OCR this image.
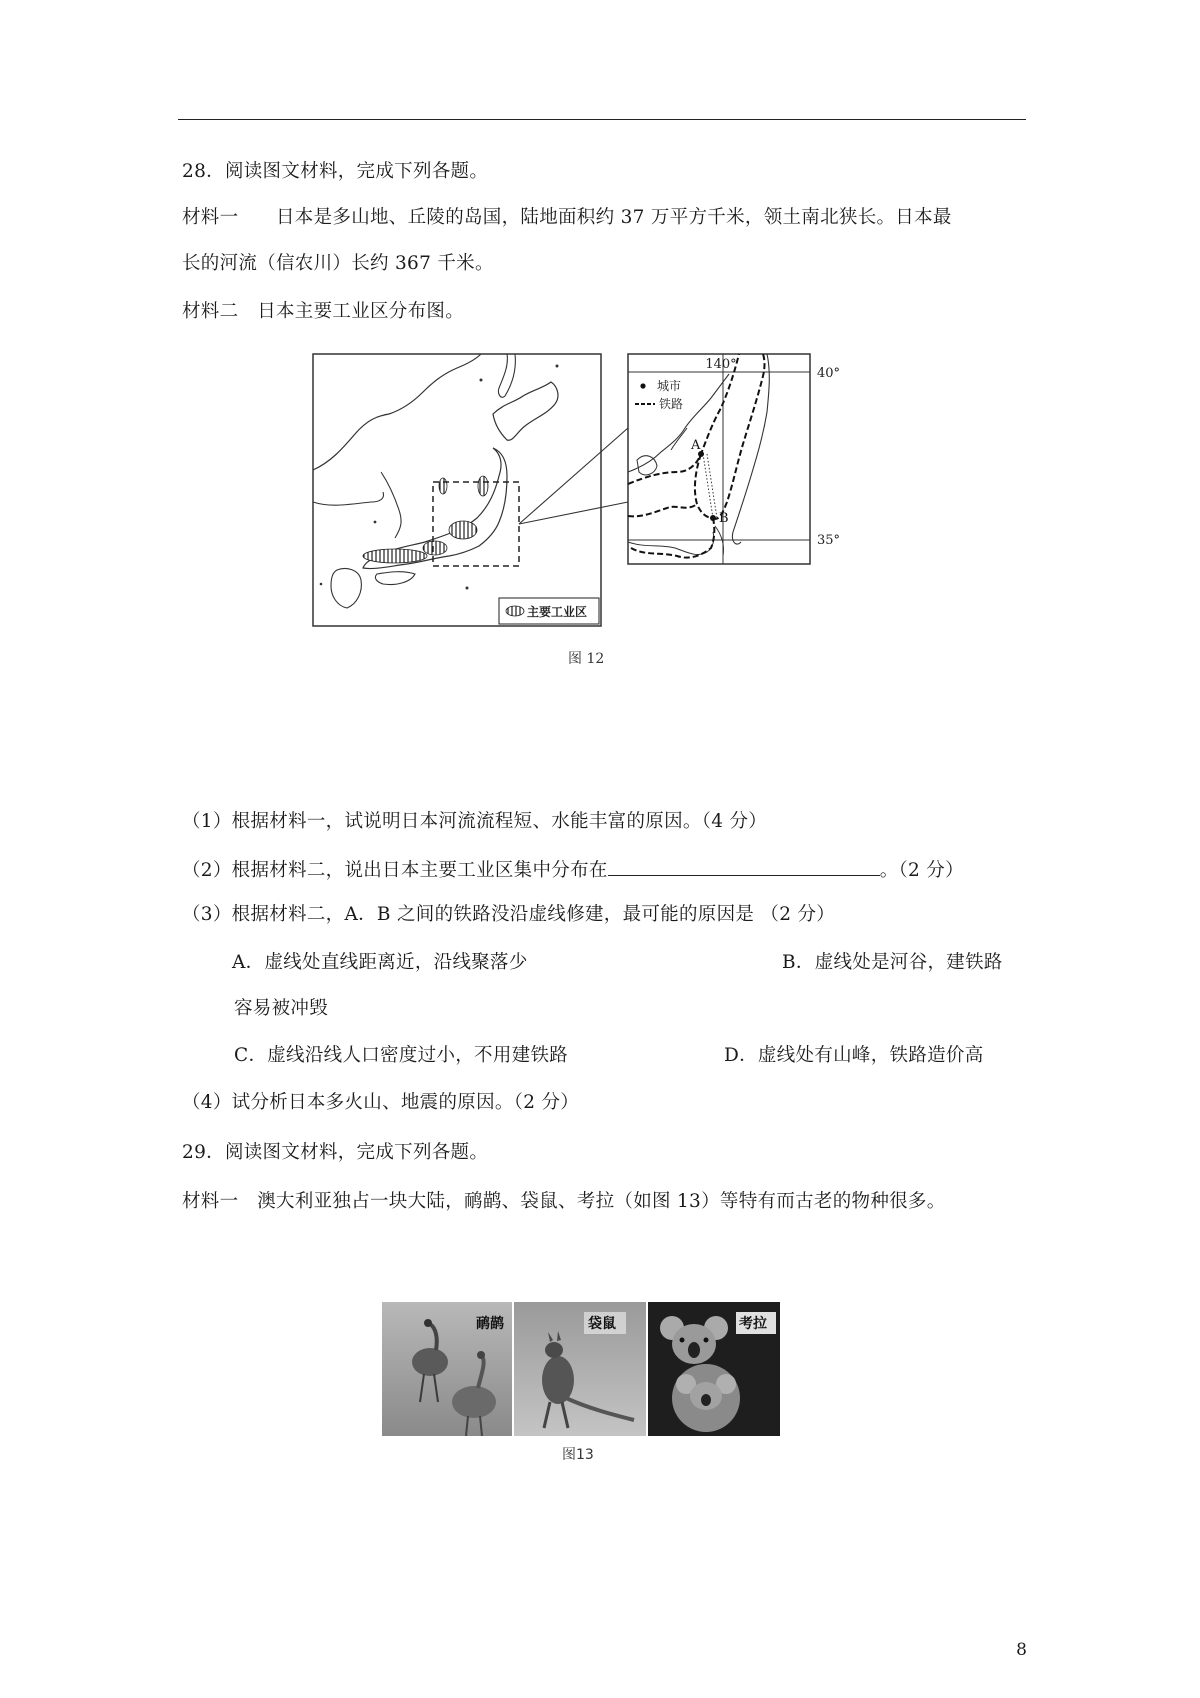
28．阅读图文材料，完成下列各题。
材料一　　日本是多山地、丘陵的岛国，陆地面积约 37 万平方千米，领土南北狭长。日本最
长的河流（信农川）长约 367 千米。
材料二　日本主要工业区分布图。
主要工业区
140°
40°
35°
城市
铁路
A
B
图 12
（1）根据材料一，试说明日本河流流程短、水能丰富的原因。（4 分）
（2）根据材料二，说出日本主要工业区集中分布在	。（2 分）
（3）根据材料二，A．B 之间的铁路没沿虚线修建，最可能的原因是 （2 分）
A．虚线处直线距离近，沿线聚落少	B．虚线处是河谷，建铁路
容易被冲毁
C．虚线沿线人口密度过小，不用建铁路	D．虚线处有山峰，铁路造价高
（4）试分析日本多火山、地震的原因。（2 分）
29．阅读图文材料，完成下列各题。
材料一　澳大利亚独占一块大陆，鸸鹋、袋鼠、考拉（如图 13）等特有而古老的物种很多。
鸸鹋	袋鼠	考拉
图13
8
